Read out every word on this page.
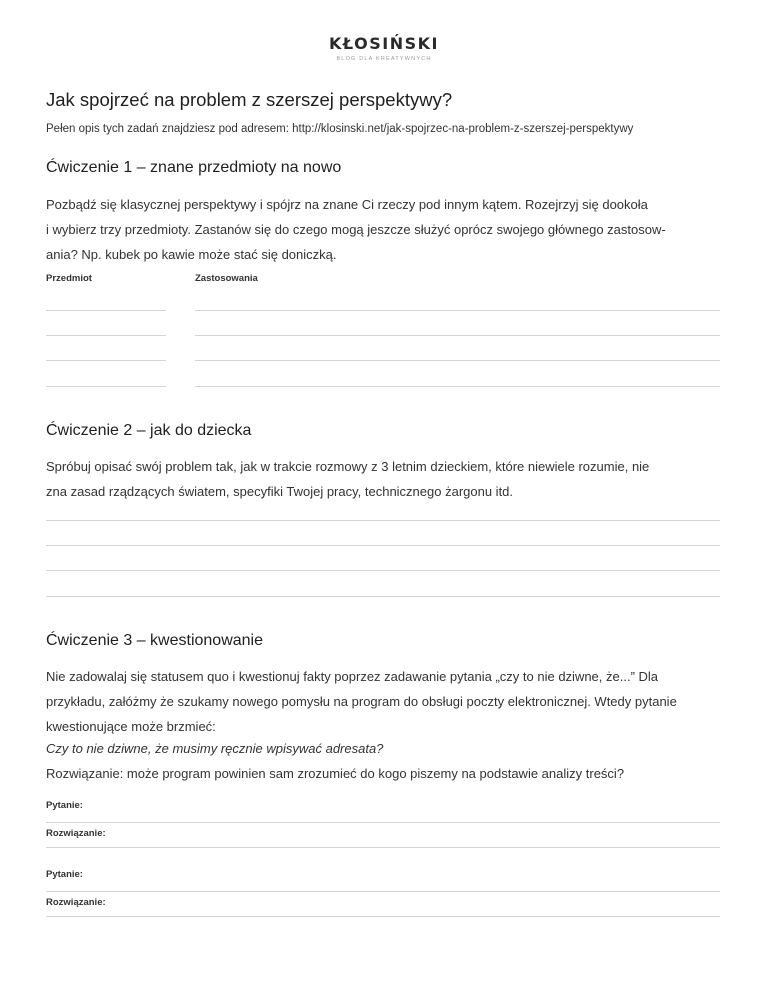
KŁOSIŃSKI
BLOG DLA KREATYWNYCH
Jak spojrzeć na problem z szerszej perspektywy?
Pełen opis tych zadań znajdziesz pod adresem: http://klosinski.net/jak-spojrzec-na-problem-z-szerszej-perspektywy
Ćwiczenie 1 – znane przedmioty na nowo
Pozbądź się klasycznej perspektywy i spójrz na znane Ci rzeczy pod innym kątem. Rozejrzyj się dookoła
i wybierz trzy przedmioty. Zastanów się do czego mogą jeszcze służyć oprócz swojego głównego zastosow-
ania? Np. kubek po kawie może stać się doniczką.
Przedmiot	Zastosowania
Ćwiczenie 2 – jak do dziecka
Spróbuj opisać swój problem tak, jak w trakcie rozmowy z 3 letnim dzieckiem, które niewiele rozumie, nie
zna zasad rządzących światem, specyfiki Twojej pracy, technicznego żargonu itd.
Ćwiczenie 3 – kwestionowanie
Nie zadowalaj się statusem quo i kwestionuj fakty poprzez zadawanie pytania „czy to nie dziwne, że...” Dla
przykładu, załóżmy że szukamy nowego pomysłu na program do obsługi poczty elektronicznej. Wtedy pytanie
kwestionujące może brzmieć:
Czy to nie dziwne, że musimy ręcznie wpisywać adresata?
Rozwiązanie: może program powinien sam zrozumieć do kogo piszemy na podstawie analizy treści?
Pytanie:
Rozwiązanie:
Pytanie:
Rozwiązanie:
